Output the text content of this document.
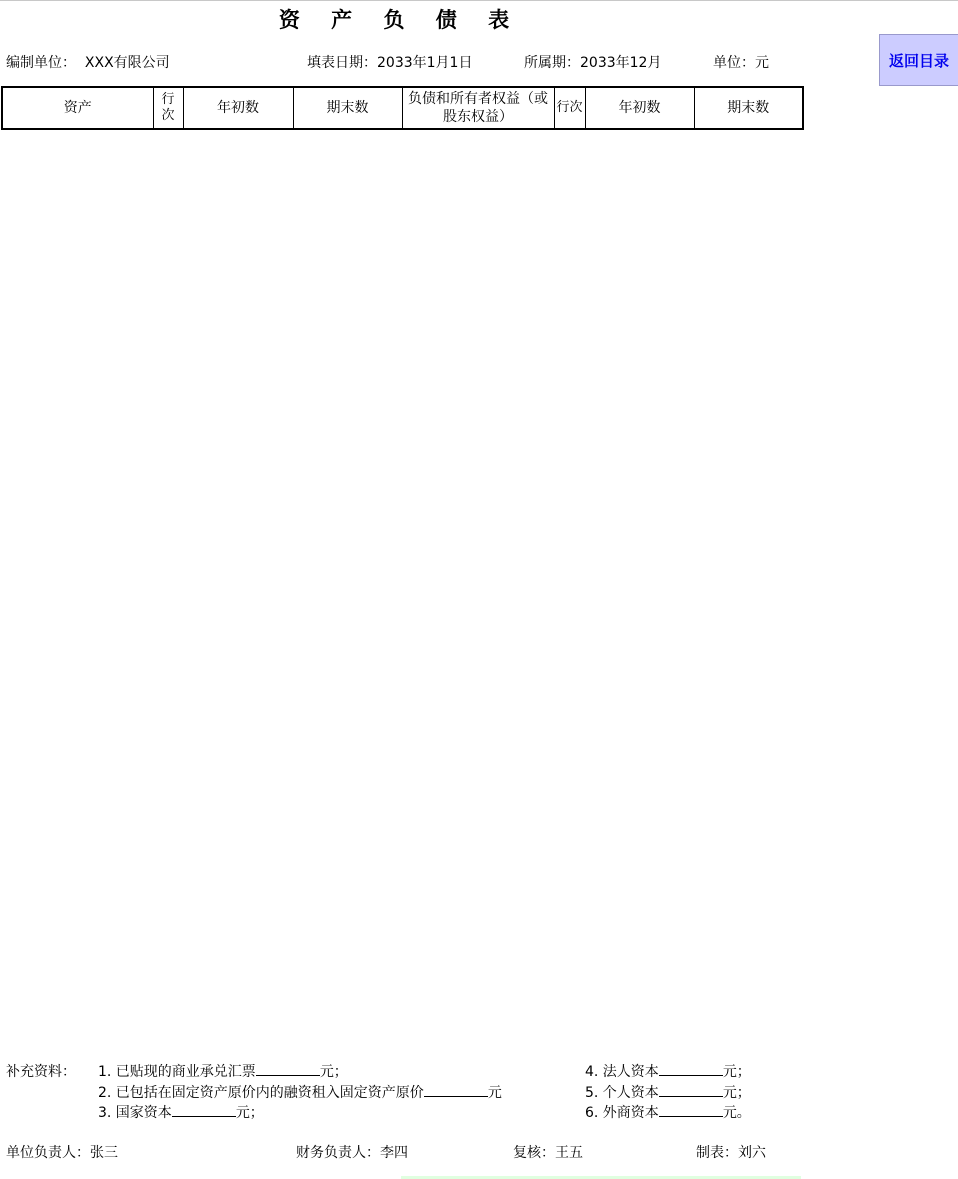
资 产 负 债 表
编制单位： XXX有限公司	填表日期：2033年1月1日	所属期：2033年12月	单位：元	返回目录
资产	行次	年初数	期末数	负债和所有者权益（或股东权益）	行次	年初数	期末数
补充资料： 1. 已贴现的商业承兑汇票	元；
2. 已包括在固定资产原价内的融资租入固定资产原价	元
3. 国家资本	元；
4. 法人资本	元；
5. 个人资本	元；
6. 外商资本	元。
单位负责人：张三	财务负责人：李四	复核：王五	制表：刘六
